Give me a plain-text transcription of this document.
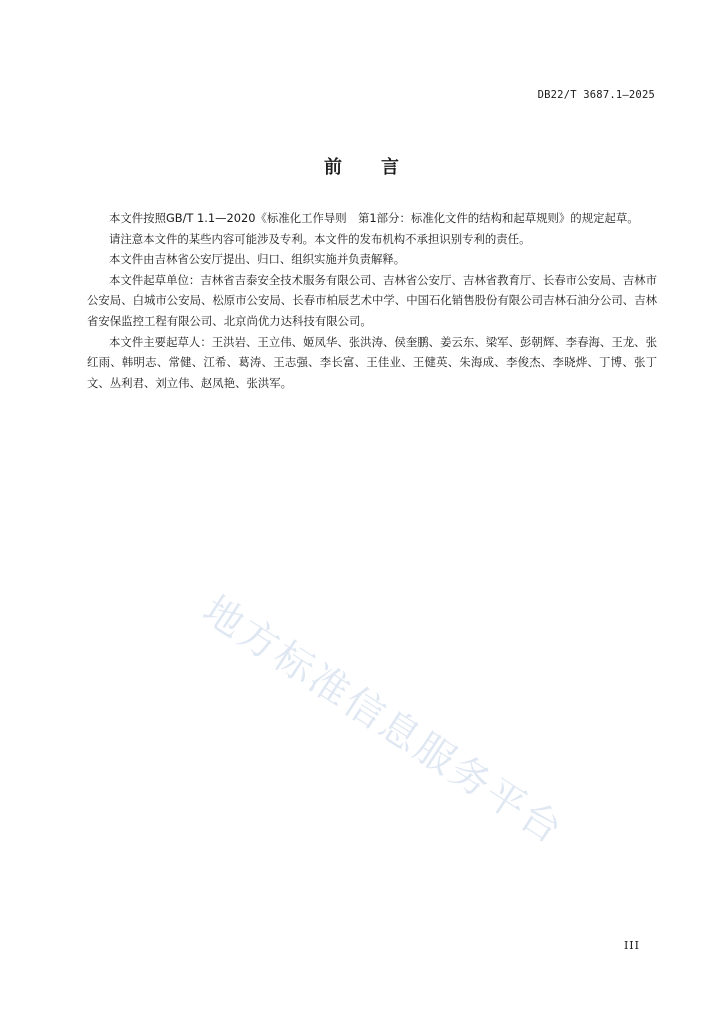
DB22/T 3687.1—2025
前 言

本文件按照GB/T 1.1—2020《标准化工作导则　第1部分：标准化文件的结构和起草规则》的规定起草。

请注意本文件的某些内容可能涉及专利。本文件的发布机构不承担识别专利的责任。

本文件由吉林省公安厅提出、归口、组织实施并负责解释。

本文件起草单位：吉林省吉泰安全技术服务有限公司、吉林省公安厅、吉林省教育厅、长春市公安局、吉林市公安局、白城市公安局、松原市公安局、长春市柏辰艺术中学、中国石化销售股份有限公司吉林石油分公司、吉林省安保监控工程有限公司、北京尚优力达科技有限公司。

本文件主要起草人：王洪岩、王立伟、姬凤华、张洪涛、侯奎鹏、姜云东、梁军、彭朝辉、李春海、王龙、张红雨、韩明志、常健、江希、葛涛、王志强、李长富、王佳业、王健英、朱海成、李俊杰、李晓烨、丁博、张丁文、丛利君、刘立伟、赵凤艳、张洪军。

地方标准信息服务平台
III
